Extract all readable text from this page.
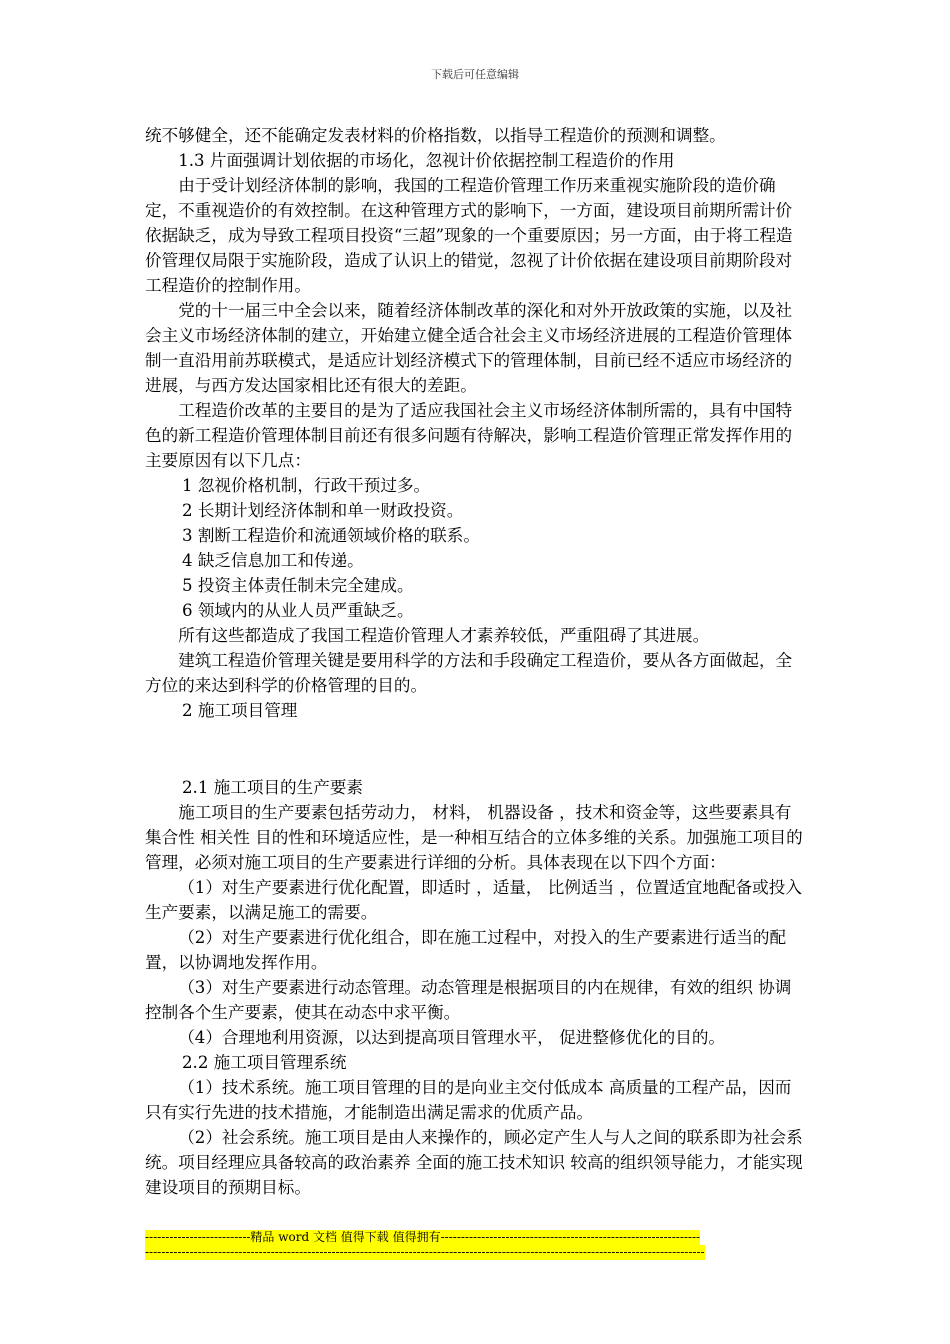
下载后可任意编辑

统不够健全，还不能确定发表材料的价格指数，以指导工程造价的预测和调整。

1.3 片面强调计划依据的市场化，忽视计价依据控制工程造价的作用

由于受计划经济体制的影响，我国的工程造价管理工作历来重视实施阶段的造价确定，不重视造价的有效控制。在这种管理方式的影响下，一方面，建设项目前期所需计价依据缺乏，成为导致工程项目投资“三超”现象的一个重要原因；另一方面，由于将工程造价管理仅局限于实施阶段，造成了认识上的错觉，忽视了计价依据在建设项目前期阶段对工程造价的控制作用。

党的十一届三中全会以来，随着经济体制改革的深化和对外开放政策的实施，以及社会主义市场经济体制的建立，开始建立健全适合社会主义市场经济进展的工程造价管理体制一直沿用前苏联模式，是适应计划经济模式下的管理体制，目前已经不适应市场经济的进展，与西方发达国家相比还有很大的差距。

工程造价改革的主要目的是为了适应我国社会主义市场经济体制所需的，具有中国特色的新工程造价管理体制目前还有很多问题有待解决，影响工程造价管理正常发挥作用的主要原因有以下几点：

1 忽视价格机制，行政干预过多。

2 长期计划经济体制和单一财政投资。

3 割断工程造价和流通领域价格的联系。

4 缺乏信息加工和传递。

5 投资主体责任制未完全建成。

6 领域内的从业人员严重缺乏。

所有这些都造成了我国工程造价管理人才素养较低，严重阻碍了其进展。

建筑工程造价管理关键是要用科学的方法和手段确定工程造价，要从各方面做起，全方位的来达到科学的价格管理的目的。

2 施工项目管理

2.1 施工项目的生产要素

施工项目的生产要素包括劳动力， 材料， 机器设备 ，技术和资金等，这些要素具有集合性 相关性 目的性和环境适应性，是一种相互结合的立体多维的关系。加强施工项目的管理，必须对施工项目的生产要素进行详细的分析。具体表现在以下四个方面：

（1）对生产要素进行优化配置，即适时 ，适量， 比例适当 ，位置适宜地配备或投入生产要素，以满足施工的需要。

（2）对生产要素进行优化组合，即在施工过程中，对投入的生产要素进行适当的配置，以协调地发挥作用。

（3）对生产要素进行动态管理。动态管理是根据项目的内在规律，有效的组织 协调 控制各个生产要素，使其在动态中求平衡。

（4）合理地利用资源，以达到提高项目管理水平， 促进整修优化的目的。

2.2 施工项目管理系统

（1）技术系统。施工项目管理的目的是向业主交付低成本 高质量的工程产品，因而只有实行先进的技术措施，才能制造出满足需求的优质产品。

（2）社会系统。施工项目是由人来操作的，顾必定产生人与人之间的联系即为社会系统。项目经理应具备较高的政治素养 全面的施工技术知识 较高的组织领导能力，才能实现建设项目的预期目标。

--------------------------精品 word 文档 值得下载 值得拥有----------------------------------------------------------------
------------------------------------------------------------------------------------------------------------------------------------------
